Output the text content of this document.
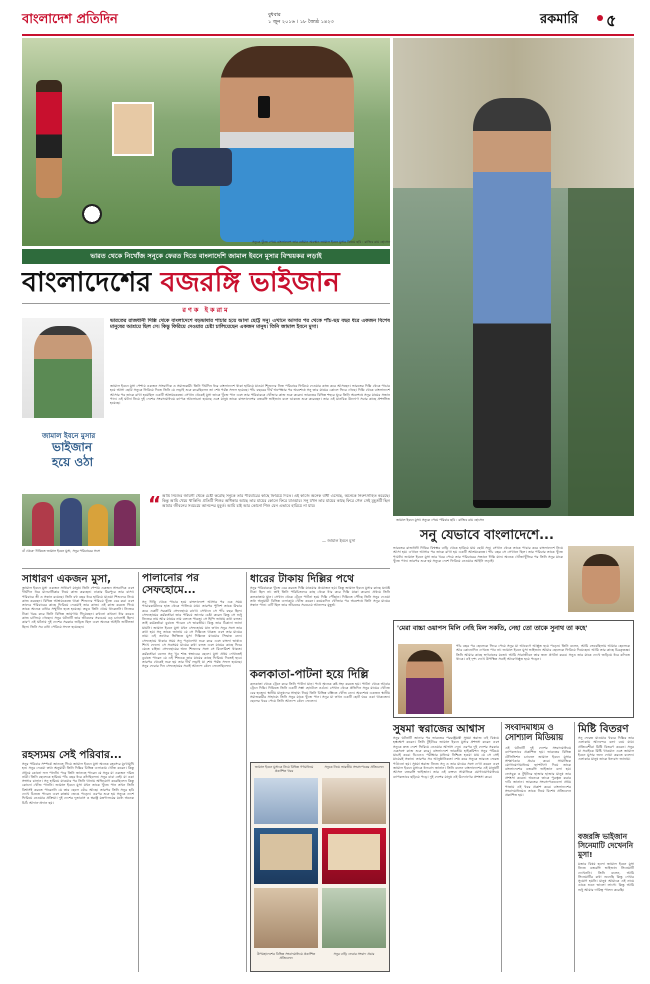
বাংলাদেশ প্রতিদিন	বুধবার
১ জুন ২০১৬ । ১৮ জ্যৈষ্ঠ ১৪২৩	রকমারি ৫
সনুকে খুঁজে পেয়ে বাংলাদেশে তার বর্তমান অবস্থান জামাল ইবনে মুসার বিষয়ে ছবি : রাজিব রায় হোসেন
ভারত থেকে নিখোঁজ সনুকে ফেরত দিতে বাংলাদেশি জামাল ইবনে মুসার বিস্ময়কর লড়াই
জামাল ইবনে মুসা। সনুকে পেয়ে পরিবার ছবি : রাজিব রায় হোসেন
বাংলাদেশের বজরঙ্গি ভাইজান
রণক ইকরাম
জামাল ইবনে মুসার
ভাইজান হয়ে ওঠা
ভারতের রাজধানী দিল্লি থেকে বাংলাদেশে বড়ভাষার পাচার হয়ে আসা ছোট্ট সনু। এখানে আসার পর থেকে পাঁচ-ছয় বছর ধরে একজন বিশেষ মানুষের আশ্রয়ে ছিল সে। কিন্তু ফিরিয়ে দেওয়ার চেষ্টা চালিয়েছেন একজন মানুষ। তিনি জামাল ইবনে মুসা।
জামাল ইবনে মুসা পেশায় একজন সাংবাদিক ও সমাজকর্মী। তিনি দীর্ঘদিন ধরে বাংলাদেশে থাকা হারিয়ে যাওয়া শিশুদের নিজ পরিবারে ফিরিয়ে দেওয়ার কাজ করে আসছেন। ভারতের দিল্লি থেকে পাচার হয়ে আসা ছোট্ট সনুকে ফিরিয়ে দিতে তিনি যে লড়াই শুরু করেছিলেন তা শেষ পর্যন্ত সফল হয়েছে। পাঁচ বছরের দীর্ঘ অপেক্ষার পর অবশেষে সনু তার মায়ের কোলে ফিরে গেছে। দিল্লি থেকে বাংলাদেশে আসার পর তাকে রাখা হয়েছিল একটি আশ্রয়কেন্দ্রে। সেখান থেকেই মুসা তাকে খুঁজে পান এবং তার পরিবারকে খোঁজার কাজ শুরু করেন। ভারতের বিভিন্ন শহরে ঘুরে তিনি অবশেষে সনুর মায়ের সন্ধান পান। এই ঘটনা নিয়ে দুই দেশের সংবাদমাধ্যমে ব্যাপক আলোচনা হয়েছে এবং মানুষ তাকে বাংলাদেশের বজরঙ্গি ভাইজান বলে ডাকতে শুরু করেছেন। তার এই মানবিক উদ্যোগ সবার কাছে প্রশংসিত হয়েছে।
“ আমি নিজের জায়গা থেকে চেষ্টা করেছি সনুকে তার পরিবারের কাছে ফিরিয়ে দিতে। এই কাজে অনেক বাধা এসেছে, অনেকে নিরুৎসাহিত করেছে। কিন্তু আমি থেমে থাকিনি। প্রতিটি শিশুর অধিকার আছে তার মায়ের কোলে ফিরে যাওয়ার। সনু যখন তার মায়ের কাছে ফিরে গেল সেই মুহূর্তটি ছিল আমার জীবনের সবচেয়ে আনন্দের মুহূর্ত। আমি চাই আর কোনো শিশু যেন এভাবে হারিয়ে না যায়।
— জামাল ইবনে মুসা
বাঁ থেকে- দিল্লিতে জামাল ইবনে মুসা, সনুর পরিবারের সঙ্গে
সনু যেভাবে বাংলাদেশে...
ভারতের রাজধানী দিল্লির বিশ্বম্ভর বাড়ি থেকে হারিয়ে যায় ছোট্ট সনু। সেখান থেকে তাকে পাচার করে বাংলাদেশে নিয়ে আসা হয়। এখানে আসার পর তাকে রাখা হয় একটি আশ্রয়কেন্দ্রে। পাঁচ বছর সে সেখানে ছিল। তার পরিবার তাকে খুঁজে পায়নি। জামাল ইবনে মুসা তার খবর পেয়ে তার পরিবারের সন্ধানে দিল্লি যান। অনেক খোঁজাখুঁজির পর তিনি সনুর মাকে খুঁজে পান। তারপর শুরু হয় সনুকে দেশে ফিরিয়ে নেওয়ার আইনি লড়াই।
সাধারণ একজন মুসা,
জামাল ইবনে মুসা একজন সাধারণ মানুষ। তিনি পেশায় একজন সাংবাদিক এবং দীর্ঘদিন ধরে মানবাধিকার নিয়ে কাজ করছেন। ঢাকার মিরপুরে তার বাসা। পরিবারে স্ত্রী ও সন্তান রয়েছে। তিনি বহু বছর ধরে হারিয়ে যাওয়া শিশুদের নিয়ে কাজ করছেন। বিভিন্ন আশ্রয়কেন্দ্রে থাকা শিশুদের পরিচয় খুঁজে বের করা এবং তাদের পরিবারের কাছে ফিরিয়ে দেওয়াই তার কাজ। এই কাজ করতে গিয়ে তাকে অনেক বাধার সম্মুখীন হতে হয়েছে। তবুও তিনি থেমে থাকেননি। নিজের টাকা খরচ করে তিনি বিভিন্ন জায়গায় গিয়েছেন। কখনো কখনো ধার করেও কাজ চালিয়ে গেছেন। সনুর ঘটনাটি তার জীবনের সবচেয়ে বড় চ্যালেঞ্জ ছিল। কারণ এই ঘটনায় দুই দেশের সরকার জড়িত ছিল এবং অনেক আইনি জটিলতা ছিল। তিনি সব বাধা পেরিয়ে সফল হয়েছেন।
রহস্যময় সেই পরিবার...
সনুর পরিবার সম্পর্কে জানতে গিয়ে জামাল ইবনে মুসা অনেক রহস্যের মুখোমুখি হন। সনুর দেওয়া তথ্য অনুযায়ী তিনি দিল্লির বিভিন্ন এলাকায় খোঁজ করেন। কিন্তু প্রথমে কোনো ফল পাননি। পরে তিনি জানতে পারেন যে সনুর মা একজন দরিদ্র নারী। তিনি ছেলেকে হারিয়ে পাঁচ বছর ধরে কাঁদছিলেন। সনুর বাবা নেই। মা একা সংসার চালান। সনু হারিয়ে যাওয়ার পর তিনি থানায় অভিযোগ করেছিলেন কিন্তু কোনো খোঁজ পাননি। জামাল ইবনে মুসা যখন তাকে খুঁজে পান তখন তিনি বিশ্বাসই করতে পারেননি যে তার ছেলে বেঁচে আছে। তারপর তিনি সনুর ছবি দেখে চিনতে পারেন এবং কান্নায় ভেঙে পড়েন। এরপর শুরু হয় সনুকে দেশে ফিরিয়ে নেওয়ার প্রক্রিয়া। দুই দেশের দূতাবাস ও স্বরাষ্ট্র মন্ত্রণালয়ের মধ্যে অনেক চিঠি আদান-প্রদান হয়।
পালানোর পর সেফহোমে...
সনু দিল্লি থেকে পাচার হয়ে বাংলাদেশে আসার পর এক সময় পাচারকারীদের হাত থেকে পালিয়ে যায়। তারপর পুলিশ তাকে উদ্ধার করে একটি সরকারি সেফহোমে রাখে। সেখানে সে পাঁচ বছর ছিল। সেফহোমের কর্মকর্তারা তার পরিচয় জানার চেষ্টা করেন কিন্তু সে শুধু নিজের নাম আর মায়ের নাম বলতে পারত। সে হিন্দি ভাষায় কথা বলত। তাই কর্মকর্তারা বুঝতে পারেন সে ভারতীয়। কিন্তু তার ঠিকানা জানা যায়নি। জামাল ইবনে মুসা যখন সেফহোমে যান তখন সনুর সঙ্গে তার কথা হয়। সনু তাকে জানায় যে সে দিল্লিতে থাকত এবং তার মায়ের নাম। এই তথ্যের ভিত্তিতে মুসা দিল্লিতে যাওয়ার সিদ্ধান্ত নেন। সেফহোমে থাকার সময় সনু পড়ালেখা শুরু করে এবং বাংলা ভাষাও শিখে ফেলে। সে সবসময় মায়ের কথা বলত এবং মায়ের কাছে ফিরে যেতে চাইত। সেফহোমের অন্য শিশুদের সঙ্গে সে মিলেমিশে থাকত। কর্মকর্তারা বলেন সনু খুব শান্ত স্বভাবের ছেলে। মুসা প্রথম দেখাতেই বুঝতে পারেন যে এই শিশুকে তার মায়ের কাছে ফিরিয়ে দিতেই হবে। তারপর থেকেই শুরু হয় তার দীর্ঘ লড়াই যা শেষ পর্যন্ত সফল হয়েছে। সনুর ফেরার দিন সেফহোমের সবাই আনন্দে কেঁদে ফেলেছিলেন।
ধারের টাকায় দিল্লির পথে
সনুর পরিবারকে খুঁজে বের করতে দিল্লি যাওয়ার প্রয়োজন হয়। কিন্তু জামাল ইবনে মুসার কাছে যথেষ্ট টাকা ছিল না। তাই তিনি পরিচিতদের কাছ থেকে ধার করে দিল্লি যাত্রা করেন। প্রথমে তিনি কলকাতায় যান। সেখান থেকে ট্রেনে পাটনা হয়ে দিল্লি পৌঁছান। দিল্লিতে পৌঁছে তিনি সনুর দেওয়া তথ্য অনুযায়ী বিভিন্ন এলাকায় খোঁজ করেন। কয়েকদিন খোঁজার পর অবশেষে তিনি সনুর মায়ের সন্ধান পান। এটি ছিল তার জীবনের সবচেয়ে আনন্দের মুহূর্ত।
কলকাতা-পাটনা হয়ে দিল্লি
কলকাতা থেকে ট্রেনে করে তিনি পাটনা যান। পথে অনেক কষ্ট সহ্য করতে হয়। পাটনা থেকে আবার ট্রেনে দিল্লি। দিল্লিতে তিনি একটি সস্তা হোটেলে ওঠেন। সেখান থেকে প্রতিদিন সনুর মায়ের খোঁজে বের হতেন। স্থানীয় মানুষদের সাহায্য নিয়ে তিনি বিভিন্ন বস্তিতে খোঁজ নেন। অবশেষে একজন স্থানীয় সমাজকর্মীর সাহায্যে তিনি সনুর মাকে খুঁজে পান। সনুর মা তখন একটি ছোট ঘরে একা থাকতেন। ছেলের খবর পেয়ে তিনি আনন্দে কেঁদে ফেলেন।
'মেরা বাচ্চা ওয়াপস মিলি নেহি মিল সকতি, নেহা তো তাকে সুনাথ তা কহে'
পাঁচ বছর পর ছেলেকে ফিরে পেয়ে সনুর মা আবেগে আপ্লুত হয়ে পড়েন। তিনি বলেন, আমি ভেবেছিলাম আমার ছেলেকে আর কোনোদিন দেখতে পাব না। জামাল ইবনে মুসা ভাইজান আমার ছেলেকে ফিরিয়ে দিয়েছেন। আমি তার কাছে চিরকৃতজ্ঞ। তিনি আমার কাছে ভগবানের মতো। আমি সারাজীবন তার জন্য প্রার্থনা করব। সনুও তার মাকে দেখে জড়িয়ে ধরে কাঁদতে থাকে। এই দৃশ্য দেখে উপস্থিত সবাই আবেগাপ্লুত হয়ে পড়েন।
সুষমা স্বরাজের আশ্বাস
সনুর ঘটনাটি জানার পর ভারতের পররাষ্ট্রমন্ত্রী সুষমা স্বরাজ এই বিষয়ে হস্তক্ষেপ করেন। তিনি টুইটারে জামাল ইবনে মুসার প্রশংসা করেন এবং সনুকে দ্রুত দেশে ফিরিয়ে নেওয়ার আশ্বাস দেন। এরপর দুই দেশের সরকার একসঙ্গে কাজ শুরু করে। বাংলাদেশে ভারতীয় হাইকমিশন সনুর পরিচয় যাচাই করে। ডিএনএ পরীক্ষার মাধ্যমে নিশ্চিত হওয়া যায় যে সে সেই মায়েরই সন্তান। তারপর সব আনুষ্ঠানিকতা শেষ করে সনুকে ভারতে ফেরত পাঠানো হয়। সুষমা স্বরাজ নিজে সনু ও তার মায়ের সঙ্গে দেখা করেন এবং জামাল ইবনে মুসাকে ধন্যবাদ জানান। তিনি বলেন বাংলাদেশের এই মানুষটি আসল বজরঙ্গি ভাইজান। তার এই বক্তব্য সামাজিক যোগাযোগমাধ্যমে ব্যাপকভাবে ছড়িয়ে পড়ে। দুই দেশের মানুষ এই উদ্যোগের প্রশংসা করে।
সংবাদমাধ্যম ও সোশ্যাল মিডিয়ায়
এই ঘটনাটি দুই দেশের সংবাদমাধ্যমে ব্যাপকভাবে প্রকাশিত হয়। ভারতের বিভিন্ন টেলিভিশন চ্যানেল জামাল ইবনে মুসার সাক্ষাৎকার প্রচার করে। সামাজিক যোগাযোগমাধ্যমে হ্যাশট্যাগ দিয়ে তাকে বাংলাদেশের বজরঙ্গি ভাইজান বলা হয়। ফেসবুক ও টুইটারে হাজার হাজার মানুষ তার প্রশংসা করেন। অনেকে তাকে পুরস্কৃত করার দাবি জানান। ভারতের সংবাদপত্রগুলো প্রথম পাতায় এই খবর প্রকাশ করে। বাংলাদেশের সংবাদমাধ্যমেও তাকে নিয়ে বিশেষ প্রতিবেদন প্রকাশিত হয়।
মিষ্টি বিতরণ
সনু ফেরত যাওয়ার খবরে দিল্লির তার এলাকায় আনন্দের বন্যা বয়ে যায়। প্রতিবেশীরা মিষ্টি বিতরণ করেন। সনুর মা সবাইকে মিষ্টি খাওয়ান এবং জামাল ইবনে মুসার জন্য দোয়া করতে বলেন। এলাকার মানুষ তাকে ধন্যবাদ জানায়।
বজরঙ্গি ভাইজান সিনেমাটি দেখেননি মুসা!
মজার বিষয় হলো জামাল ইবনে মুসা নিজে বজরঙ্গি ভাইজান সিনেমাটি দেখেননি। তিনি বলেন, আমি সিনেমাটির কথা শুনেছি কিন্তু দেখার সুযোগ হয়নি। মানুষ আমাকে এই নামে ডাকে শুনে ভালো লাগে। কিন্তু আমি শুধু আমার দায়িত্ব পালন করেছি।
জামাল ইবনে মুসাকে নিয়ে বিভিন্ন গণমাধ্যমে প্রকাশিত খবর
সনুকে নিয়ে ভারতীয় সংবাদপত্রের প্রতিবেদন
উপমহাদেশের বিভিন্ন সংবাদমাধ্যমে প্রকাশিত প্রতিবেদন
সনুর বাড়ি ফেরার সংবাদ প্রচার
